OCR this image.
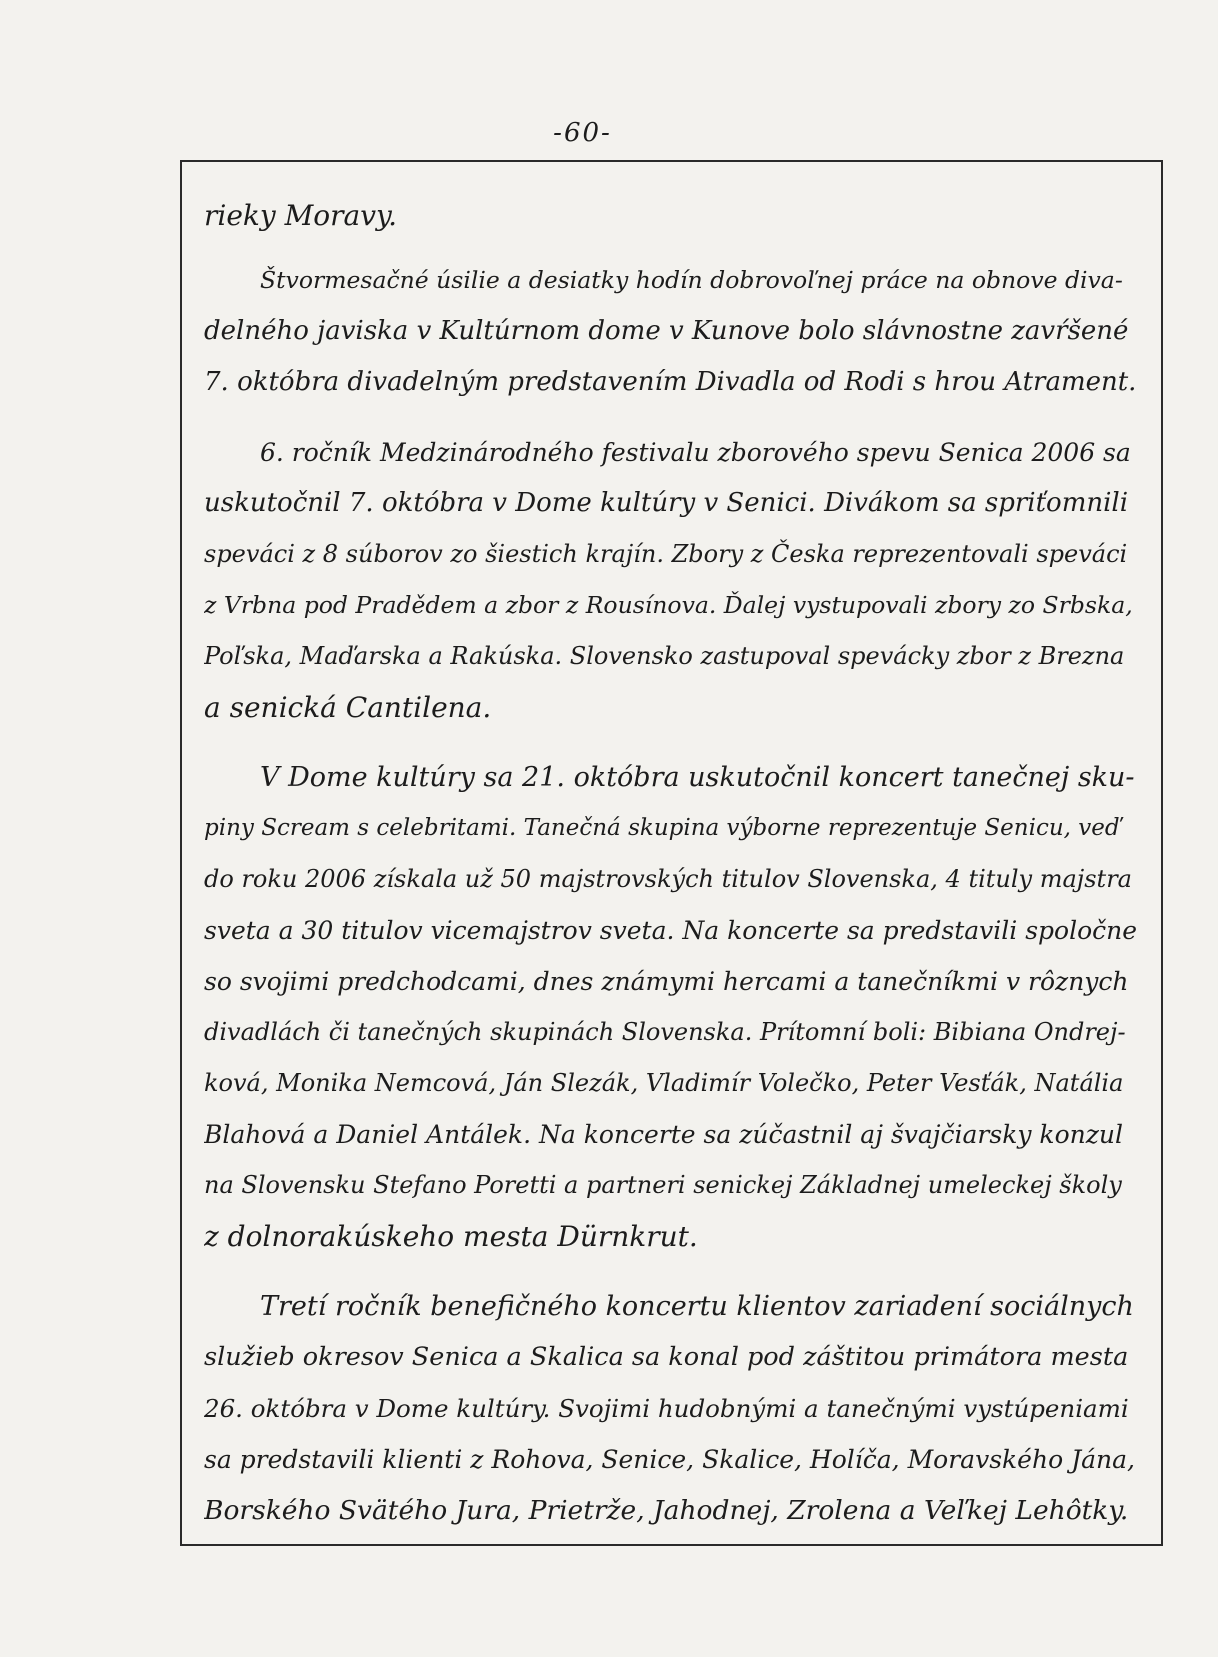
-60-
rieky Moravy.
Štvormesačné úsilie a desiatky hodín dobrovoľnej práce na obnove diva-
delného javiska v Kultúrnom dome v Kunove bolo slávnostne zavŕšené
7. októbra divadelným predstavením Divadla od Rodi s hrou Atrament.
6. ročník Medzinárodného festivalu zborového spevu Senica 2006 sa
uskutočnil 7. októbra v Dome kultúry v Senici. Divákom sa spriťomnili
speváci z 8 súborov zo šiestich krajín. Zbory z Česka reprezentovali speváci
z Vrbna pod Pradědem a zbor z Rousínova. Ďalej vystupovali zbory zo Srbska,
Poľska, Maďarska a Rakúska. Slovensko zastupoval spevácky zbor z Brezna
a senická Cantilena.
V Dome kultúry sa 21. októbra uskutočnil koncert tanečnej sku-
piny Scream s celebritami. Tanečná skupina výborne reprezentuje Senicu, veď
do roku 2006 získala už 50 majstrovských titulov Slovenska, 4 tituly majstra
sveta a 30 titulov vicemajstrov sveta. Na koncerte sa predstavili spoločne
so svojimi predchodcami, dnes známymi hercami a tanečníkmi v rôznych
divadlách či tanečných skupinách Slovenska. Prítomní boli: Bibiana Ondrej-
ková, Monika Nemcová, Ján Slezák, Vladimír Volečko, Peter Vesťák, Natália
Blahová a Daniel Antálek. Na koncerte sa zúčastnil aj švajčiarsky konzul
na Slovensku Stefano Poretti a partneri senickej Základnej umeleckej školy
z dolnorakúskeho mesta Dürnkrut.
Tretí ročník benefičného koncertu klientov zariadení sociálnych
služieb okresov Senica a Skalica sa konal pod záštitou primátora mesta
26. októbra v Dome kultúry. Svojimi hudobnými a tanečnými vystúpeniami
sa predstavili klienti z Rohova, Senice, Skalice, Holíča, Moravského Jána,
Borského Svätého Jura, Prietrže, Jahodnej, Zrolena a Veľkej Lehôtky.
